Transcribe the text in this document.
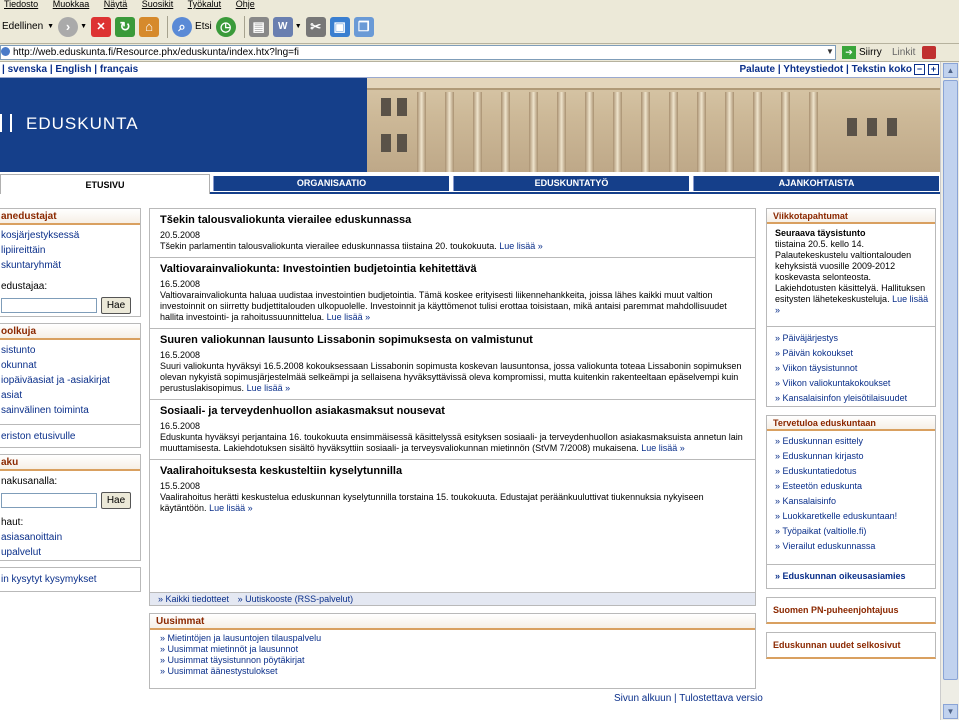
Tiedosto Muokkaa Näytä Suosikit Työkalut Ohje
Edellinen ▼ ›	▼ ✕	↻	⌂	⌕ Etsi ◷	▤	W	▼ ✂ ▣ ❐
http://web.eduskunta.fi/Resource.phx/eduskunta/index.htx?lng=fi	▼	➔ Siirry Linkit
| svenska | English | français	Palaute | Yhteystiedot | Tekstin koko − +
EDUSKUNTA
ETUSIVU	ORGANISAATIO	EDUSKUNTATYÖ	AJANKOHTAISTA
anedustajat
kosjärjestyksessä
lipiireittäin
skuntaryhmät
edustajaa:
Hae
oolkuja
sistunto
okunnat
iopäiväasiat ja -asiakirjat
asiat
sainvälinen toiminta
eriston etusivulle
aku
nakusanalla:
Hae
haut:
asiasanoittain
upalvelut
in kysytyt kysymykset
Tšekin talousvaliokunta vierailee eduskunnassa
20.5.2008
Tšekin parlamentin talousvaliokunta vierailee eduskunnassa tiistaina 20. toukokuuta. Lue lisää »
Valtiovarainvaliokunta: Investointien budjetointia kehitettävä
16.5.2008
Valtiovarainvaliokunta haluaa uudistaa investointien budjetointia. Tämä koskee erityisesti liikennehankkeita, joissa lähes kaikki muut valtion investoinnit on siirretty budjettitalouden ulkopuolelle. Investoinnit ja käyttömenot tulisi erottaa toisistaan, mikä antaisi paremmat mahdollisuudet hallita investointi- ja rahoitussuunnittelua. Lue lisää »
Suuren valiokunnan lausunto Lissabonin sopimuksesta on valmistunut
16.5.2008
Suuri valiokunta hyväksyi 16.5.2008 kokouksessaan Lissabonin sopimusta koskevan lausuntonsa, jossa valiokunta toteaa Lissabonin sopimuksen olevan nykyistä sopimusjärjestelmää selkeämpi ja sellaisena hyväksyttävissä oleva kompromissi, mutta kuitenkin rakenteeltaan epäselvempi kuin perustuslakisopimus. Lue lisää »
Sosiaali- ja terveydenhuollon asiakasmaksut nousevat
16.5.2008
Eduskunta hyväksyi perjantaina 16. toukokuuta ensimmäisessä käsittelyssä esityksen sosiaali- ja terveydenhuollon asiakasmaksuista annetun lain muuttamisesta. Lakiehdotuksen sisältö hyväksyttiin sosiaali- ja terveysvaliokunnan mietinnön (StVM 7/2008) mukaisena. Lue lisää »
Vaalirahoituksesta keskusteltiin kyselytunnilla
15.5.2008
Vaalirahoitus herätti keskustelua eduskunnan kyselytunnilla torstaina 15. toukokuuta. Edustajat peräänkuuluttivat tiukennuksia nykyiseen käytäntöön. Lue lisää »
» Kaikki tiedotteet » Uutiskooste (RSS-palvelut)
Uusimmat
» Mietintöjen ja lausuntojen tilauspalvelu
» Uusimmat mietinnöt ja lausunnot
» Uusimmat täysistunnon pöytäkirjat
» Uusimmat äänestystulokset
Sivun alkuun | Tulostettava versio
Viikkotapahtumat
Seuraava täysistunto
tiistaina 20.5. kello 14. Palautekeskustelu valtiontalouden kehyksistä vuosille 2009-2012 koskevasta selonteosta. Lakiehdotusten käsittelyä. Hallituksen esitysten lähetekeskusteluja. Lue lisää »
» Päiväjärjestys
» Päivän kokoukset
» Viikon täysistunnot
» Viikon valiokuntakokoukset
» Kansalaisinfon yleisötilaisuudet
Tervetuloa eduskuntaan
» Eduskunnan esittely
» Eduskunnan kirjasto
» Eduskuntatiedotus
» Esteetön eduskunta
» Kansalaisinfo
» Luokkaretkelle eduskuntaan!
» Työpaikat (valtiolle.fi)
» Vierailut eduskunnassa
» Eduskunnan oikeusasiamies
Suomen PN-puheenjohtajuus
Eduskunnan uudet selkosivut
▲
▼
